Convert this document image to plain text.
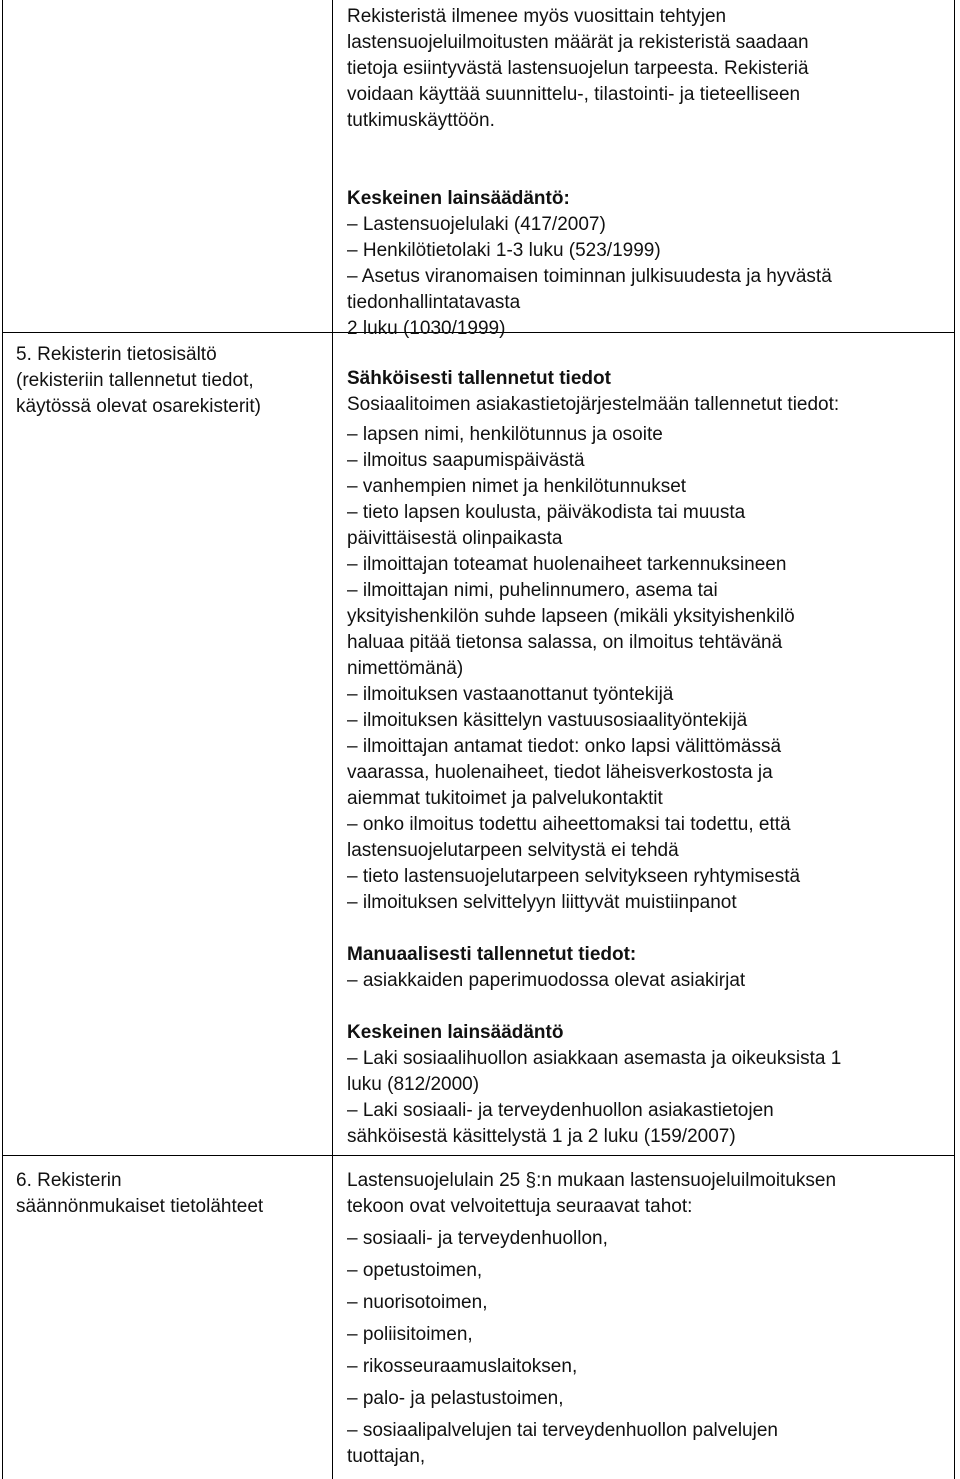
Rekisteristä ilmenee myös vuosittain tehtyjen

lastensuojeluilmoitusten määrät ja rekisteristä saadaan

tietoja esiintyvästä lastensuojelun tarpeesta. Rekisteriä

voidaan käyttää suunnittelu-, tilastointi- ja tieteelliseen

tutkimuskäyttöön.

Keskeinen lainsäädäntö:

– Lastensuojelulaki (417/2007)

– Henkilötietolaki 1-3 luku (523/1999)

– Asetus viranomaisen toiminnan julkisuudesta ja hyvästä

tiedonhallintatavasta

2 luku (1030/1999)

5. Rekisterin tietosisältö

(rekisteriin tallennetut tiedot,

käytössä olevat osarekisterit)

Sähköisesti tallennetut tiedot

Sosiaalitoimen asiakastietojärjestelmään tallennetut tiedot:

– lapsen nimi, henkilötunnus ja osoite

– ilmoitus saapumispäivästä

– vanhempien nimet ja henkilötunnukset

– tieto lapsen koulusta, päiväkodista tai muusta

päivittäisestä olinpaikasta

– ilmoittajan toteamat huolenaiheet tarkennuksineen

– ilmoittajan nimi, puhelinnumero, asema tai

yksityishenkilön suhde lapseen (mikäli yksityishenkilö

haluaa pitää tietonsa salassa, on ilmoitus tehtävänä

nimettömänä)

– ilmoituksen vastaanottanut työntekijä

– ilmoituksen käsittelyn vastuusosiaalityöntekijä

– ilmoittajan antamat tiedot: onko lapsi välittömässä

vaarassa, huolenaiheet, tiedot läheisverkostosta ja

aiemmat tukitoimet ja palvelukontaktit

– onko ilmoitus todettu aiheettomaksi tai todettu, että

lastensuojelutarpeen selvitystä ei tehdä

– tieto lastensuojelutarpeen selvitykseen ryhtymisestä

– ilmoituksen selvittelyyn liittyvät muistiinpanot

Manuaalisesti tallennetut tiedot:

– asiakkaiden paperimuodossa olevat asiakirjat

Keskeinen lainsäädäntö

– Laki sosiaalihuollon asiakkaan asemasta ja oikeuksista 1

luku (812/2000)

– Laki sosiaali- ja terveydenhuollon asiakastietojen

sähköisestä käsittelystä 1 ja 2 luku (159/2007)

6. Rekisterin

säännönmukaiset tietolähteet

Lastensuojelulain 25 §:n mukaan lastensuojeluilmoituksen

tekoon ovat velvoitettuja seuraavat tahot:

– sosiaali- ja terveydenhuollon,

– opetustoimen,

– nuorisotoimen,

– poliisitoimen,

– rikosseuraamuslaitoksen,

– palo- ja pelastustoimen,

– sosiaalipalvelujen tai terveydenhuollon palvelujen

tuottajan,
